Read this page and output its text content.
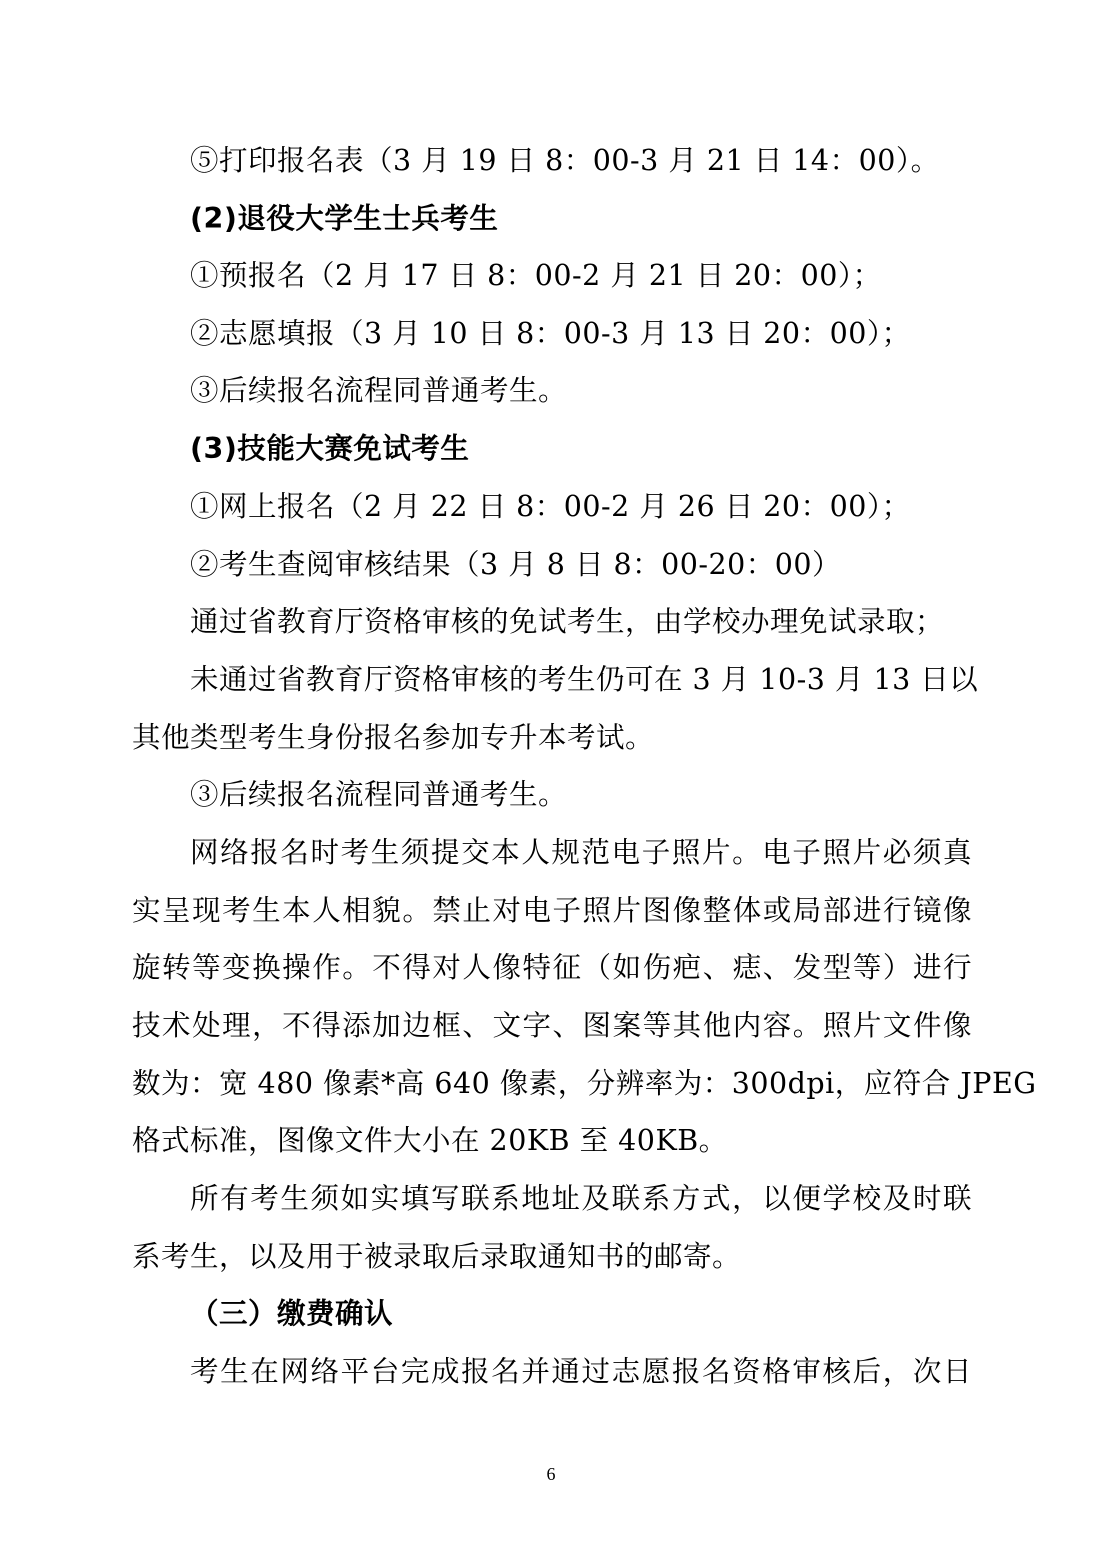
⑤打印报名表（3 月 19 日 8：00-3 月 21 日 14：00）。
(2)退役大学生士兵考生
①预报名（2 月 17 日 8：00-2 月 21 日 20：00）；
②志愿填报（3 月 10 日 8：00-3 月 13 日 20：00）；
③后续报名流程同普通考生。
(3)技能大赛免试考生
①网上报名（2 月 22 日 8：00-2 月 26 日 20：00）；
②考生查阅审核结果（3 月 8 日 8：00-20：00）
通过省教育厅资格审核的免试考生，由学校办理免试录取；
未通过省教育厅资格审核的考生仍可在 3 月 10-3 月 13 日以
其他类型考生身份报名参加专升本考试。
③后续报名流程同普通考生。
网络报名时考生须提交本人规范电子照片。电子照片必须真
实呈现考生本人相貌。禁止对电子照片图像整体或局部进行镜像
旋转等变换操作。不得对人像特征（如伤疤、痣、发型等）进行
技术处理，不得添加边框、文字、图案等其他内容。照片文件像
数为：宽 480 像素*高 640 像素，分辨率为：300dpi，应符合 JPEG
格式标准，图像文件大小在 20KB 至 40KB。
所有考生须如实填写联系地址及联系方式，以便学校及时联
系考生，以及用于被录取后录取通知书的邮寄。
（三）缴费确认
考生在网络平台完成报名并通过志愿报名资格审核后，次日
6
